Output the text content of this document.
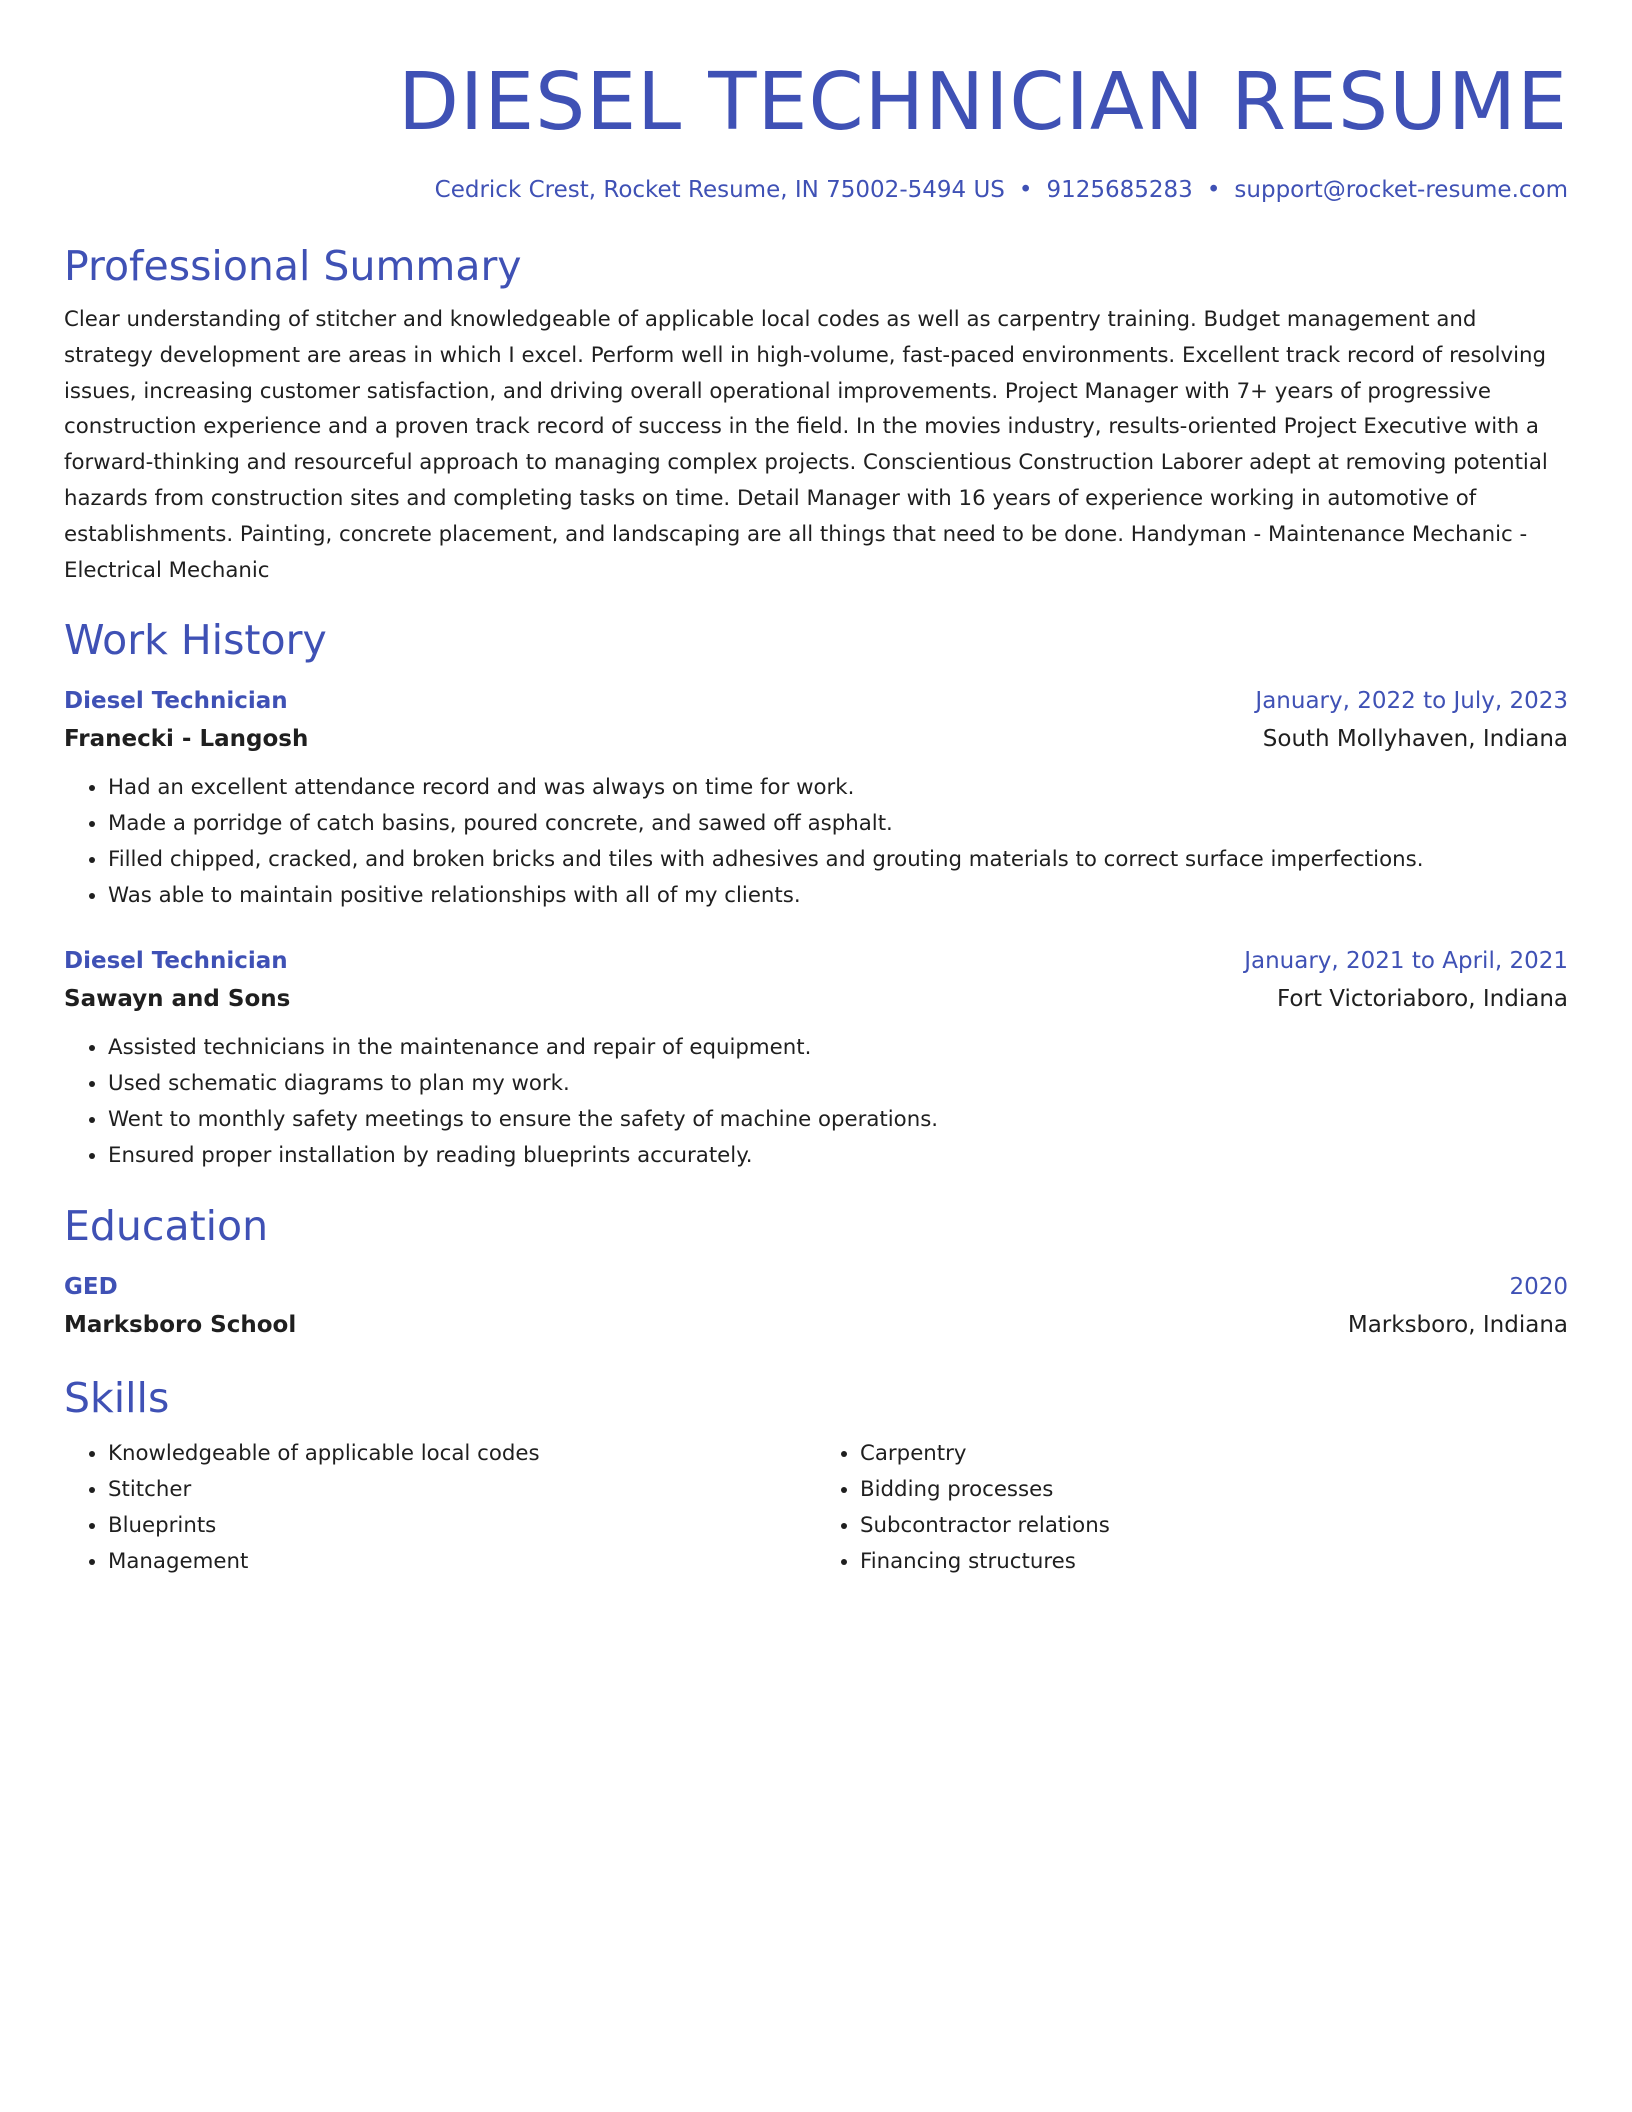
DIESEL TECHNICIAN RESUME
Cedrick Crest, Rocket Resume, IN 75002-5494 US • 9125685283 • support@rocket-resume.com
Professional Summary

Clear understanding of stitcher and knowledgeable of applicable local codes as well as carpentry training. Budget management and strategy development are areas in which I excel. Perform well in high-volume, fast-paced environments. Excellent track record of resolving issues, increasing customer satisfaction, and driving overall operational improvements. Project Manager with 7+ years of progressive construction experience and a proven track record of success in the field. In the movies industry, results-oriented Project Executive with a forward-thinking and resourceful approach to managing complex projects. Conscientious Construction Laborer adept at removing potential hazards from construction sites and completing tasks on time. Detail Manager with 16 years of experience working in automotive of establishments. Painting, concrete placement, and landscaping are all things that need to be done. Handyman - Maintenance Mechanic - Electrical Mechanic

Work History
Diesel Technician	January, 2022 to July, 2023
Franecki - Langosh	South Mollyhaven, Indiana
• Had an excellent attendance record and was always on time for work.
• Made a porridge of catch basins, poured concrete, and sawed off asphalt.
• Filled chipped, cracked, and broken bricks and tiles with adhesives and grouting materials to correct surface imperfections.
• Was able to maintain positive relationships with all of my clients.
Diesel Technician	January, 2021 to April, 2021
Sawayn and Sons	Fort Victoriaboro, Indiana
• Assisted technicians in the maintenance and repair of equipment.
• Used schematic diagrams to plan my work.
• Went to monthly safety meetings to ensure the safety of machine operations.
• Ensured proper installation by reading blueprints accurately.
Education
GED	2020
Marksboro School	Marksboro, Indiana
Skills
• Knowledgeable of applicable local codes
• Stitcher
• Blueprints
• Management
• Carpentry
• Bidding processes
• Subcontractor relations
• Financing structures
